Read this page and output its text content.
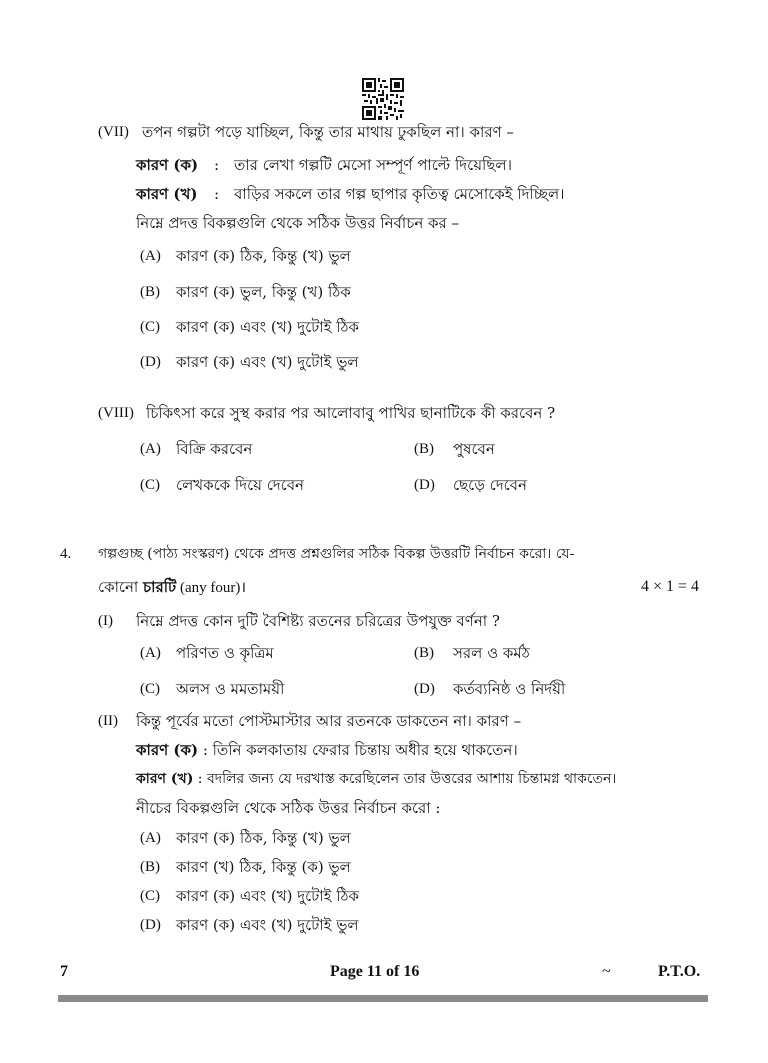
(VII) তপন গল্পটা পড়ে যাচ্ছিল, কিন্তু তার মাথায় ঢুকছিল না। কারণ –
কারণ (ক) : তার লেখা গল্পটি মেসো সম্পূর্ণ পাল্টে দিয়েছিল।
কারণ (খ) : বাড়ির সকলে তার গল্প ছাপার কৃতিত্ব মেসোকেই দিচ্ছিল।
নিম্নে প্রদত্ত বিকল্পগুলি থেকে সঠিক উত্তর নির্বাচন কর –
(A) কারণ (ক) ঠিক, কিন্তু (খ) ভুল
(B) কারণ (ক) ভুল, কিন্তু (খ) ঠিক
(C) কারণ (ক) এবং (খ) দুটোই ঠিক
(D) কারণ (ক) এবং (খ) দুটোই ভুল
(VIII) চিকিৎসা করে সুস্থ করার পর আলোবাবু পাখির ছানাটিকে কী করবেন ?
(A) বিক্রি করবেন	(B) পুষবেন
(C) লেখককে দিয়ে দেবেন	(D) ছেড়ে দেবেন
4. গল্পগুচ্ছ (পাঠ্য সংস্করণ) থেকে প্রদত্ত প্রশ্নগুলির সঠিক বিকল্প উত্তরটি নির্বাচন করো। যে-
কোনো চারটি (any four)।	4 × 1 = 4
(I) নিম্নে প্রদত্ত কোন দুটি বৈশিষ্ট্য রতনের চরিত্রের উপযুক্ত বর্ণনা ?
(A) পরিণত ও কৃত্রিম	(B) সরল ও কর্মঠ
(C) অলস ও মমতাময়ী	(D) কর্তব্যনিষ্ঠ ও নির্দয়ী
(II) কিন্তু পূর্বের মতো পোস্টমাস্টার আর রতনকে ডাকতেন না। কারণ –
কারণ (ক) : তিনি কলকাতায় ফেরার চিন্তায় অধীর হয়ে থাকতেন।
কারণ (খ) : বদলির জন্য যে দরখাস্ত করেছিলেন তার উত্তরের আশায় চিন্তামগ্ন থাকতেন।
নীচের বিকল্পগুলি থেকে সঠিক উত্তর নির্বাচন করো :
(A) কারণ (ক) ঠিক, কিন্তু (খ) ভুল
(B) কারণ (খ) ঠিক, কিন্তু (ক) ভুল
(C) কারণ (ক) এবং (খ) দুটোই ঠিক
(D) কারণ (ক) এবং (খ) দুটোই ভুল
7	Page 11 of 16	~	P.T.O.
